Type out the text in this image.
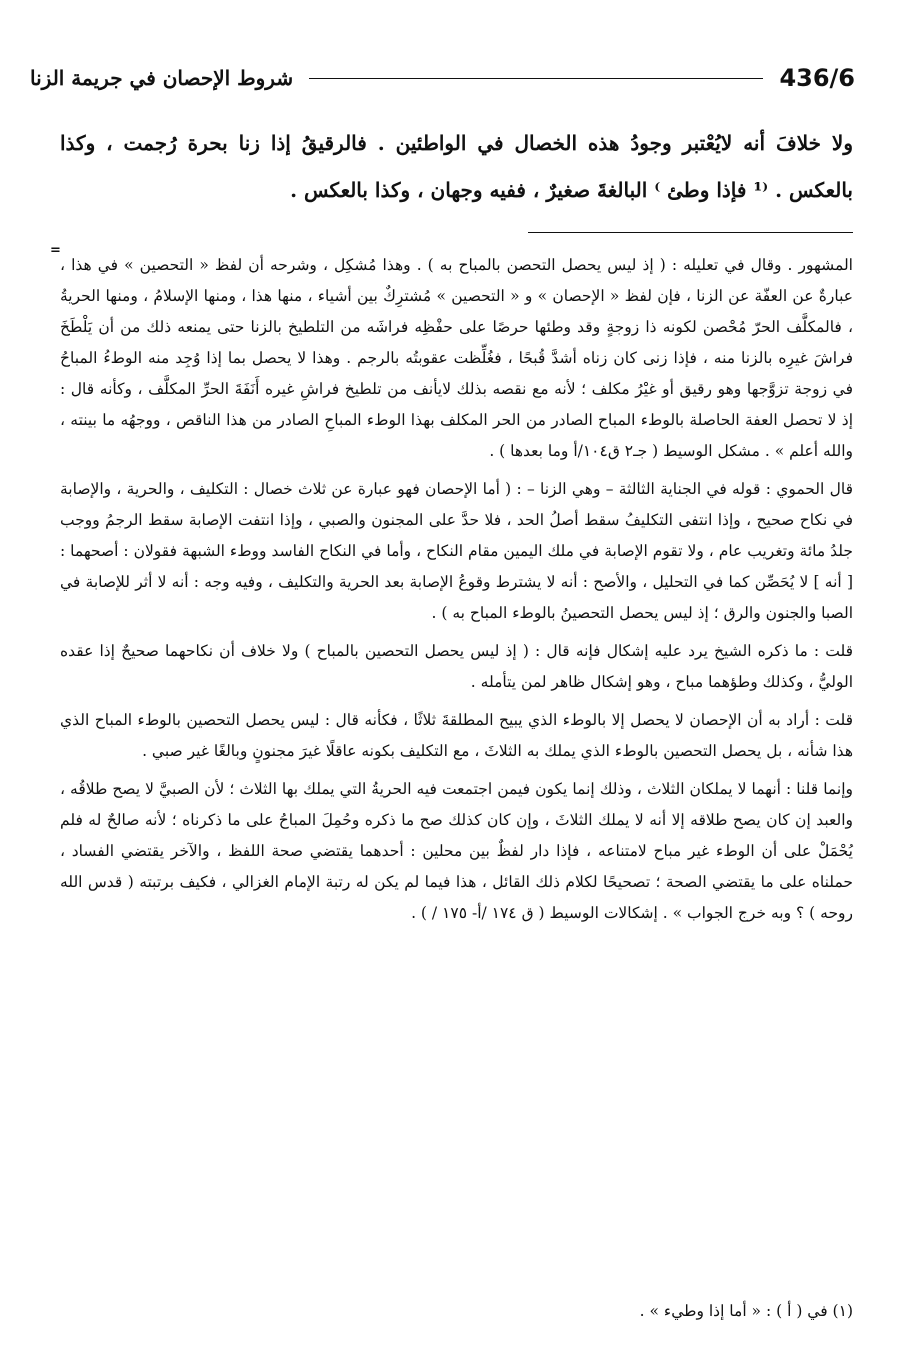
436/6
شروط الإحصان في جريمة الزنا

ولا خلافَ أنه لايُعْتبر وجودُ هذه الخصال في الواطئين . فالرقيقُ إذا زنا بحرة رُجمت ، وكذا بالعكس . ⁽¹ فإذا وطئ ⁾ البالغةَ صغيرٌ ، ففيه وجهان ، وكذا بالعكس .

=

المشهور . وقال في تعليله : ( إذ ليس يحصل التحصن بالمباح به ) . وهذا مُشكِل ، وشرحه أن لفظ « التحصين » في هذا ، عبارةٌ عن العفّة عن الزنا ، فإن لفظ « الإحصان » و « التحصين » مُشترِكٌ بين أشياء ، منها هذا ، ومنها الإسلامُ ، ومنها الحريةُ ، فالمكلَّف الحرّ مُحْصن لكونه ذا زوجةٍ وقد وطئها حرصًا على حفْظِه فراشَه من التلطيخ بالزنا حتى يمنعه ذلك من أن يَلْطَخَ فراشَ غيرِه بالزنا منه ، فإذا زنى كان زناه أشدَّ قُبحًا ، فغُلِّظت عقوبتُه بالرجم . وهذا لا يحصل بما إذا وُجِد منه الوطءُ المباحُ في زوجة تزوَّجها وهو رقيق أو غيْرُ مكلف ؛ لأنه مع نقصه بذلك لايأنف من تلطيخ فراشِ غيره أَنَفَةَ الحرِّ المكلَّف ، وكأنه قال : إذ لا تحصل العفة الحاصلة بالوطء المباح الصادر من الحر المكلف بهذا الوطء المباحِ الصادر من هذا الناقص ، ووجهُه ما بينته ، والله أعلم » . مشكل الوسيط ( جـ٢ ق١٠٤/أ وما بعدها ) .

قال الحموي : قوله في الجناية الثالثة – وهي الزنا – : ( أما الإحصان فهو عبارة عن ثلاث خصال : التكليف ، والحرية ، والإصابة في نكاح صحيح ، وإذا انتفى التكليفُ سقط أصلُ الحد ، فلا حدَّ على المجنون والصبي ، وإذا انتفت الإصابة سقط الرجمُ ووجب جلدُ مائة وتغريب عام ، ولا تقوم الإصابة في ملك اليمين مقام النكاح ، وأما في النكاح الفاسد ووطء الشبهة فقولان : أصحهما : [ أنه ] لا يُحَصِّن كما في التحليل ، والأصح : أنه لا يشترط وقوعُ الإصابة بعد الحرية والتكليف ، وفيه وجه : أنه لا أثر للإصابة في الصبا والجنون والرق ؛ إذ ليس يحصل التحصينُ بالوطء المباح به ) .

قلت : ما ذكره الشيخ يرد عليه إشكال فإنه قال : ( إذ ليس يحصل التحصين بالمباح ) ولا خلاف أن نكاحهما صحيحٌ إذا عقده الوليُّ ، وكذلك وطؤهما مباح ، وهو إشكال ظاهر لمن يتأمله .

قلت : أراد به أن الإحصان لا يحصل إلا بالوطء الذي يبيح المطلقةَ ثلاثًا ، فكأنه قال : ليس يحصل التحصين بالوطء المباح الذي هذا شأنه ، بل يحصل التحصين بالوطء الذي يملك به الثلاثَ ، مع التكليف بكونه عاقلًا غيرَ مجنونٍ وبالغًا غير صبي .

وإنما قلنا : أنهما لا يملكان الثلاث ، وذلك إنما يكون فيمن اجتمعت فيه الحريةُ التي يملك بها الثلاث ؛ لأن الصبيَّ لا يصح طلاقُه ، والعبد إن كان يصح طلاقه إلا أنه لا يملك الثلاثَ ، وإن كان كذلك صح ما ذكره وحُمِلَ المباحُ على ما ذكرناه ؛ لأنه صالحٌ له فلم يُحْمَلْ على أن الوطء غير مباح لامتناعه ، فإذا دار لفظٌ بين محلين : أحدهما يقتضي صحة اللفظ ، والآخر يقتضي الفساد ، حملناه على ما يقتضي الصحة ؛ تصحيحًا لكلام ذلك القائل ، هذا فيما لم يكن له رتبة الإمام الغزالي ، فكيف برتبته ( قدس الله روحه ) ؟ وبه خرج الجواب » . إشكالات الوسيط ( ق ١٧٤ /أ- ١٧٥ / ) .

(١) في ( أ ) : « أما إذا وطيء » .
